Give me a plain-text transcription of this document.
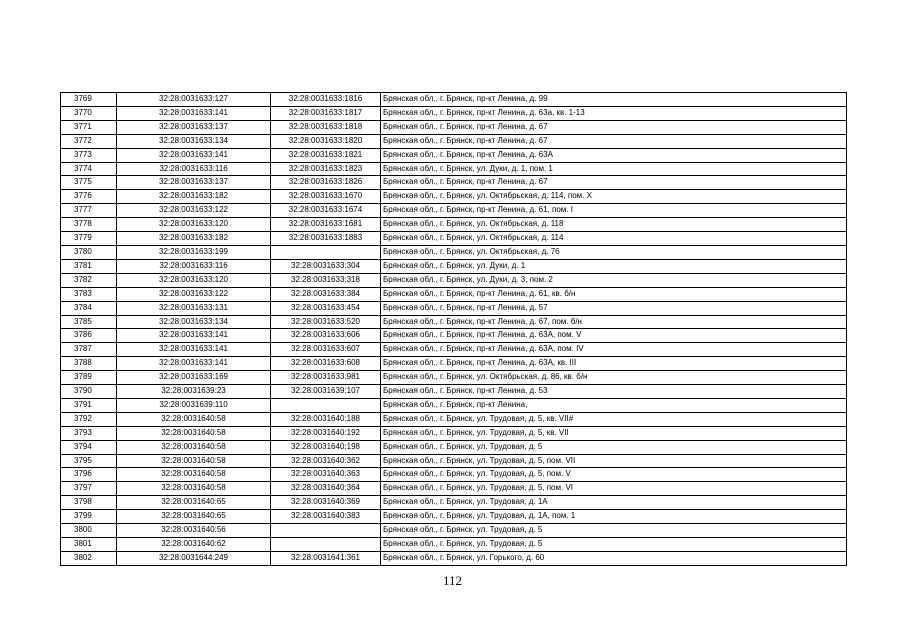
3769	32:28:0031633:127	32:28:0031633:1816	Брянская обл., г. Брянск, пр-кт Ленина, д. 99
3770	32:28:0031633:141	32:28:0031633:1817	Брянская обл., г. Брянск, пр-кт Ленина, д. 63а, кв. 1-13
3771	32:28:0031633:137	32:28:0031633:1818	Брянская обл., г. Брянск, пр-кт Ленина, д. 67
3772	32:28:0031633:134	32:28:0031633:1820	Брянская обл., г. Брянск, пр-кт Ленина, д. 67
3773	32:28:0031633:141	32:28:0031633:1821	Брянская обл., г. Брянск, пр-кт Ленина, д. 63А
3774	32:28:0031633:116	32:28:0031633:1823	Брянская обл., г. Брянск, ул. Дуки, д. 1, пом. 1
3775	32:28:0031633:137	32:28:0031633:1826	Брянская обл., г. Брянск, пр-кт Ленина, д. 67
3776	32:28:0031633:182	32:28:0031633:1670	Брянская обл., г. Брянск, ул. Октябрьская, д. 114, пом. X
3777	32:28:0031633:122	32:28:0031633:1674	Брянская обл., г. Брянск, пр-кт Ленина, д. 61, пом. I
3778	32:28:0031633:120	32:28:0031633:1681	Брянская обл., г. Брянск, ул. Октябрьская, д. 118
3779	32:28:0031633:182	32:28:0031633:1883	Брянская обл., г. Брянск, ул. Октябрьская, д. 114
3780	32:28:0031633:199		Брянская обл., г. Брянск, ул. Октябрьская, д. 76
3781	32:28:0031633:116	32:28:0031633:304	Брянская обл., г. Брянск, ул. Дуки, д. 1
3782	32:28:0031633:120	32:28:0031633:318	Брянская обл., г. Брянск, ул. Дуки, д. 3, пом. 2
3783	32:28:0031633:122	32:28:0031633:384	Брянская обл., г. Брянск, пр-кт Ленина, д. 61, кв. б/н
3784	32:28:0031633:131	32:28:0031633:454	Брянская обл., г. Брянск, пр-кт Ленина, д. 57
3785	32:28:0031633:134	32:28:0031633:520	Брянская обл., г. Брянск, пр-кт Ленина, д. 67, пом. б/н
3786	32:28:0031633:141	32:28:0031633:606	Брянская обл., г. Брянск, пр-кт Ленина, д. 63А, пом. V
3787	32:28:0031633:141	32:28:0031633:607	Брянская обл., г. Брянск, пр-кт Ленина, д. 63А, пом. IV
3788	32:28:0031633:141	32:28:0031633:608	Брянская обл., г. Брянск, пр-кт Ленина, д. 63А, кв. III
3789	32:28:0031633:169	32:28:0031633:981	Брянская обл., г. Брянск, ул. Октябрьская, д. 86, кв. б/н
3790	32:28:0031639:23	32:28:0031639:107	Брянская обл., г. Брянск, пр-кт Ленина, д. 53
3791	32:28:0031639:110		Брянская обл., г. Брянск, пр-кт Ленина,
3792	32:28:0031640:58	32:28:0031640:188	Брянская обл., г. Брянск, ул. Трудовая, д. 5, кв. VII#
3793	32:28:0031640:58	32:28:0031640:192	Брянская обл., г. Брянск, ул. Трудовая, д. 5, кв. VII
3794	32:28:0031640:58	32:28:0031640:198	Брянская обл., г. Брянск, ул. Трудовая, д. 5
3795	32:28:0031640:58	32:28:0031640:362	Брянская обл., г. Брянск, ул. Трудовая, д. 5, пом. VII
3796	32:28:0031640:58	32:28:0031640:363	Брянская обл., г. Брянск, ул. Трудовая, д. 5, пом. V
3797	32:28:0031640:58	32:28:0031640:364	Брянская обл., г. Брянск, ул. Трудовая, д. 5, пом. VI
3798	32:28:0031640:65	32:28:0031640:369	Брянская обл., г. Брянск, ул. Трудовая, д. 1А
3799	32:28:0031640:65	32:28:0031640:383	Брянская обл., г. Брянск, ул. Трудовая, д. 1А, пом. 1
3800	32:28:0031640:56		Брянская обл., г. Брянск, ул. Трудовая, д. 5
3801	32:28:0031640:62		Брянская обл., г. Брянск, ул. Трудовая, д. 5
3802	32:28:0031644:249	32:28:0031641:361	Брянская обл., г. Брянск, ул. Горького, д. 60
112
